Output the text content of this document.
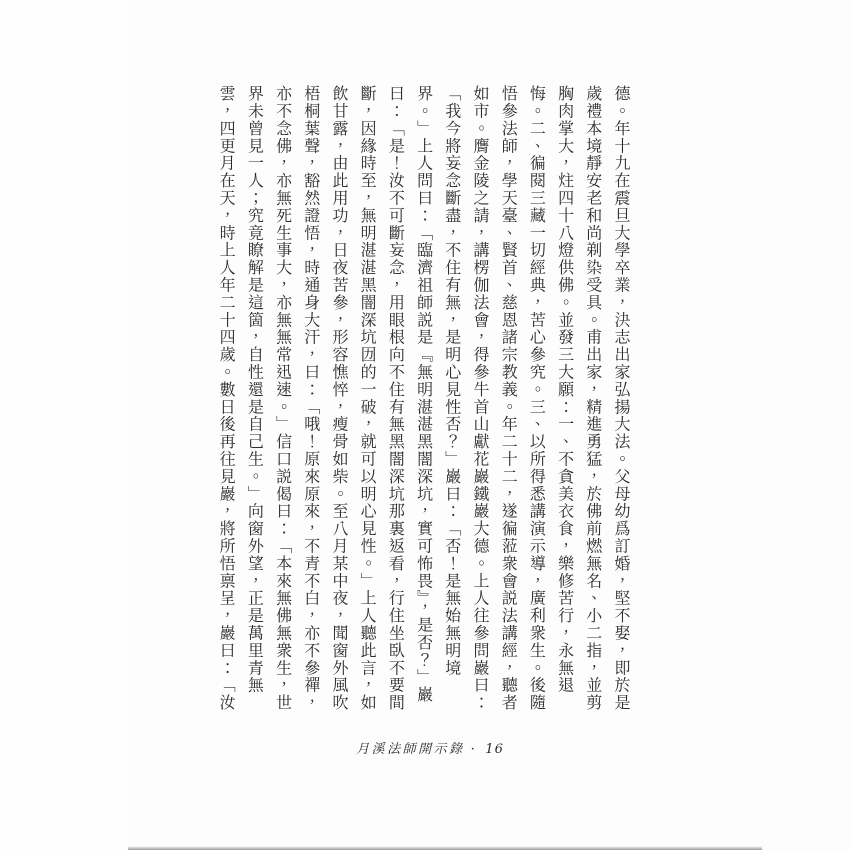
德。年十九在震旦大學卒業，決志出家弘揚大法。父母幼爲訂婚，堅不娶，即於是
歲禮本境靜安老和尚剃染受具。甫出家，精進勇猛，於佛前燃無名、小二指，並剪
胸肉掌大，炷四十八燈供佛。並發三大願：一、不貪美衣食，樂修苦行，永無退
悔。二、徧閱三藏一切經典，苦心參究。三、以所得悉講演示導，廣利衆生。後隨
悟參法師，學天臺、賢首、慈恩諸宗教義。年二十二，遂徧蒞衆會説法講經，聽者
如市。膺金陵之請，講楞伽法會，得參牛首山獻花巖鐵巖大德。上人往參問巖曰：
「我今將妄念斷盡，不住有無，是明心見性否？」巖曰：「否！是無始無明境
界。」上人問曰：「臨濟祖師説是『無明湛湛黑闇深坑，實可怖畏』，是否？」巖
曰：「是！汝不可斷妄念，用眼根向不住有無黑闇深坑那裏返看，行住坐臥不要間
斷，因緣時至，無明湛湛黑闇深坑㘞的一破，就可以明心見性。」上人聽此言，如
飲甘露，由此用功，日夜苦參，形容憔悴，瘦骨如柴。至八月某中夜，聞窗外風吹
梧桐葉聲，豁然證悟，時通身大汗，曰：「哦！原來原來，不青不白，亦不參禪，
亦不念佛，亦無死生事大，亦無無常迅速。」信口説偈曰：「本來無佛無衆生，世
界未曾見一人；究竟瞭解是這箇，自性還是自己生。」向窗外望，正是萬里青無
雲，四更月在天，時上人年二十四歲。數日後再往見巖，將所悟禀呈，巖曰：「汝
月溪法師開示錄 · 16
